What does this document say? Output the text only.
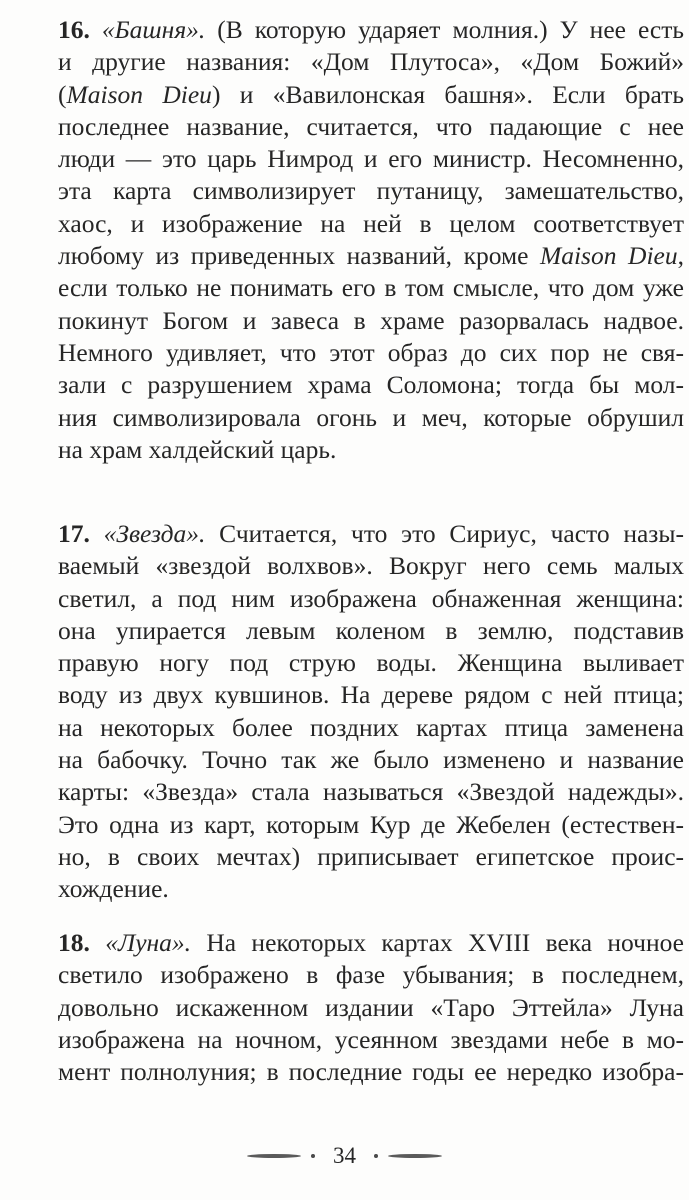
16. «Башня». (В которую ударяет молния.) У нее есть
и другие названия: «Дом Плутоса», «Дом Божий»
(Maison Dieu) и «Вавилонская башня». Если брать
последнее название, считается, что падающие с нее
люди — это царь Нимрод и его министр. Несомненно,
эта карта символизирует путаницу, замешательство,
хаос, и изображение на ней в целом соответствует
любому из приведенных названий, кроме Maison Dieu,
если только не понимать его в том смысле, что дом уже
покинут Богом и завеса в храме разорвалась надвое.
Немного удивляет, что этот образ до сих пор не свя-
зали с разрушением храма Соломона; тогда бы мол-
ния символизировала огонь и меч, которые обрушил
на храм халдейский царь.
17. «Звезда». Считается, что это Сириус, часто назы-
ваемый «звездой волхвов». Вокруг него семь малых
светил, а под ним изображена обнаженная женщина:
она упирается левым коленом в землю, подставив
правую ногу под струю воды. Женщина выливает
воду из двух кувшинов. На дереве рядом с ней птица;
на некоторых более поздних картах птица заменена
на бабочку. Точно так же было изменено и название
карты: «Звезда» стала называться «Звездой надежды».
Это одна из карт, которым Кур де Жебелен (естествен-
но, в своих мечтах) приписывает египетское проис-
хождение.
18. «Луна». На некоторых картах XVIII века ночное
светило изображено в фазе убывания; в последнем,
довольно искаженном издании «Таро Эттейла» Луна
изображена на ночном, усеянном звездами небе в мо-
мент полнолуния; в последние годы ее нередко изобра-
34
